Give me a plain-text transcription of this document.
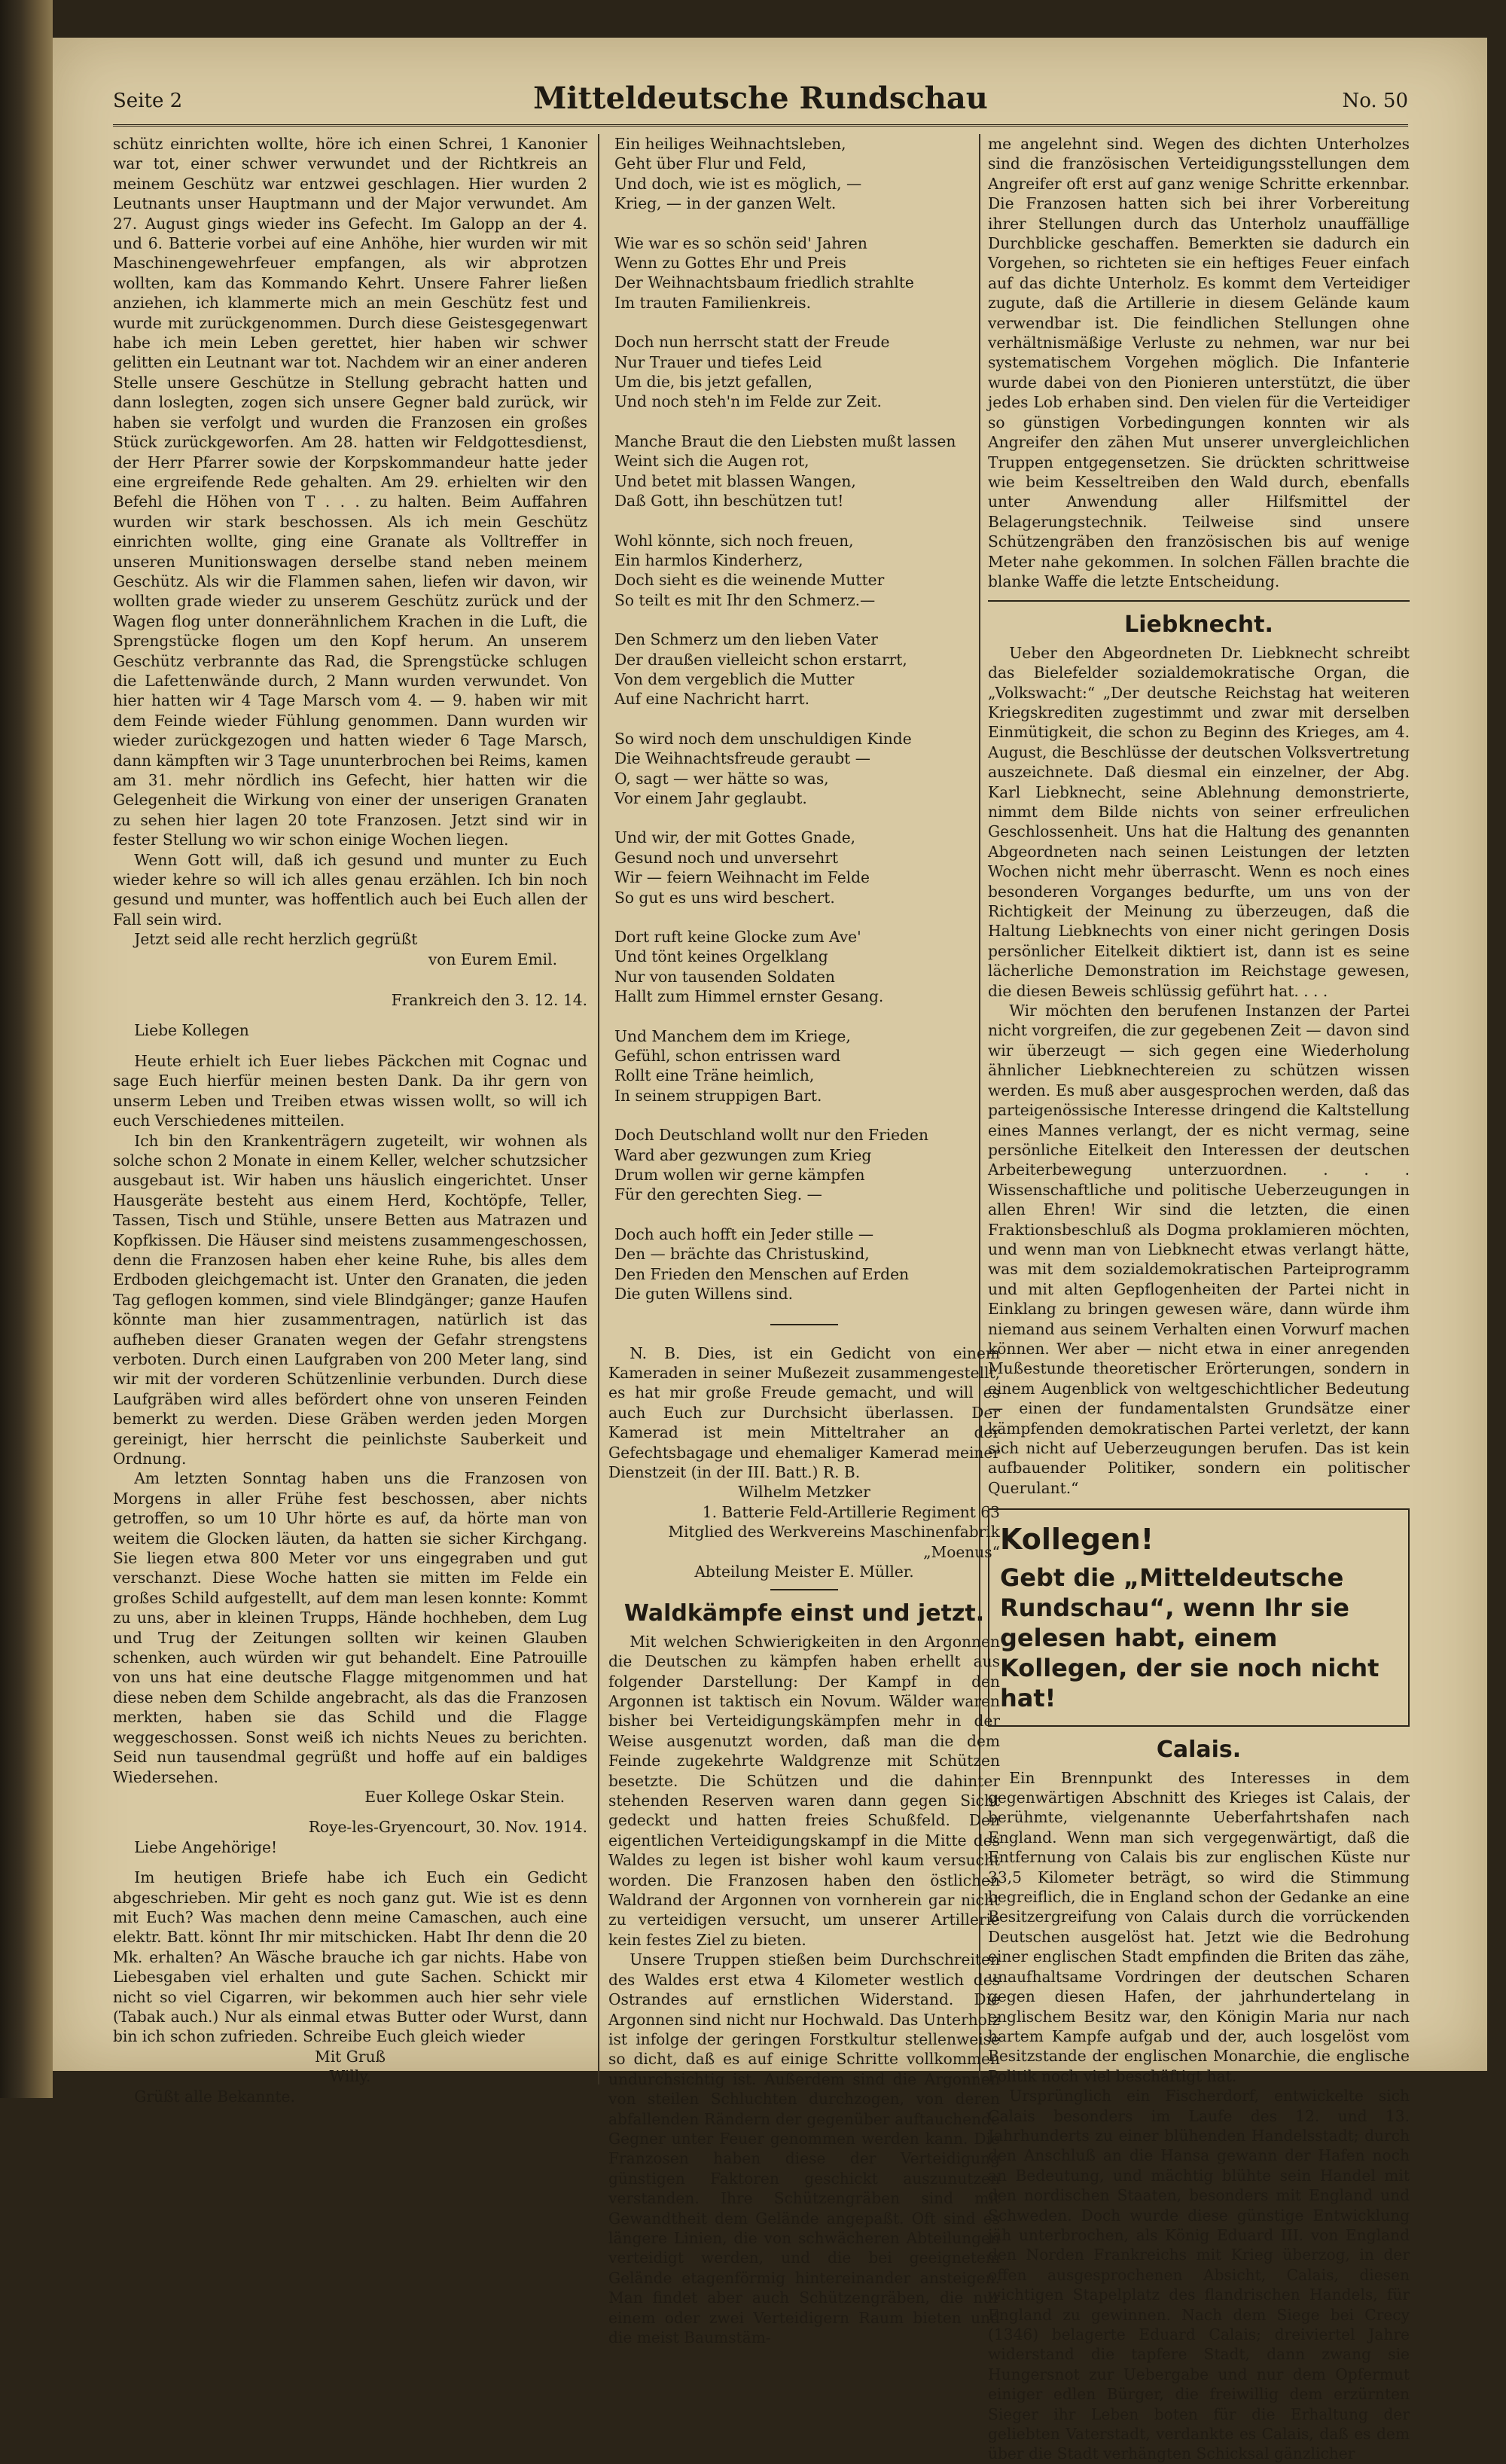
Seite 2	Mitteldeutsche Rundschau	No. 50

schütz einrichten wollte, höre ich einen Schrei, 1 Kanonier war tot, einer schwer verwundet und der Richtkreis an meinem Geschütz war entzwei geschlagen. Hier wurden 2 Leutnants unser Hauptmann und der Major verwundet. Am 27. August gings wieder ins Gefecht. Im Galopp an der 4. und 6. Batterie vorbei auf eine Anhöhe, hier wurden wir mit Maschinengewehrfeuer empfangen, als wir abprotzen wollten, kam das Kommando Kehrt. Unsere Fahrer ließen anziehen, ich klammerte mich an mein Geschütz fest und wurde mit zurückgenommen. Durch diese Geistesgegenwart habe ich mein Leben gerettet, hier haben wir schwer gelitten ein Leutnant war tot. Nachdem wir an einer anderen Stelle unsere Geschütze in Stellung gebracht hatten und dann loslegten, zogen sich unsere Gegner bald zurück, wir haben sie verfolgt und wurden die Franzosen ein großes Stück zurückgeworfen. Am 28. hatten wir Feldgottesdienst, der Herr Pfarrer sowie der Korpskommandeur hatte jeder eine ergreifende Rede gehalten. Am 29. erhielten wir den Befehl die Höhen von T . . . zu halten. Beim Auffahren wurden wir stark beschossen. Als ich mein Geschütz einrichten wollte, ging eine Granate als Volltreffer in unseren Munitionswagen derselbe stand neben meinem Geschütz. Als wir die Flammen sahen, liefen wir davon, wir wollten grade wieder zu unserem Geschütz zurück und der Wagen flog unter donnerähnlichem Krachen in die Luft, die Sprengstücke flogen um den Kopf herum. An unserem Geschütz verbrannte das Rad, die Sprengstücke schlugen die Lafettenwände durch, 2 Mann wurden verwundet. Von hier hatten wir 4 Tage Marsch vom 4. — 9. haben wir mit dem Feinde wieder Fühlung genommen. Dann wurden wir wieder zurückgezogen und hatten wieder 6 Tage Marsch, dann kämpften wir 3 Tage ununterbrochen bei Reims, kamen am 31. mehr nördlich ins Gefecht, hier hatten wir die Gelegenheit die Wirkung von einer der unserigen Granaten zu sehen hier lagen 20 tote Franzosen. Jetzt sind wir in fester Stellung wo wir schon einige Wochen liegen.

Wenn Gott will, daß ich gesund und munter zu Euch wieder kehre so will ich alles genau erzählen. Ich bin noch gesund und munter, was hoffentlich auch bei Euch allen der Fall sein wird.

Jetzt seid alle recht herzlich gegrüßt

von Eurem Emil.

Frankreich den 3. 12. 14.

Liebe Kollegen

Heute erhielt ich Euer liebes Päckchen mit Cognac und sage Euch hierfür meinen besten Dank. Da ihr gern von unserm Leben und Treiben etwas wissen wollt, so will ich euch Verschiedenes mitteilen.

Ich bin den Krankenträgern zugeteilt, wir wohnen als solche schon 2 Monate in einem Keller, welcher schutzsicher ausgebaut ist. Wir haben uns häuslich eingerichtet. Unser Hausgeräte besteht aus einem Herd, Kochtöpfe, Teller, Tassen, Tisch und Stühle, unsere Betten aus Matrazen und Kopfkissen. Die Häuser sind meistens zusammengeschossen, denn die Franzosen haben eher keine Ruhe, bis alles dem Erdboden gleichgemacht ist. Unter den Granaten, die jeden Tag geflogen kommen, sind viele Blindgänger; ganze Haufen könnte man hier zusammentragen, natürlich ist das aufheben dieser Granaten wegen der Gefahr strengstens verboten. Durch einen Laufgraben von 200 Meter lang, sind wir mit der vorderen Schützenlinie verbunden. Durch diese Laufgräben wird alles befördert ohne von unseren Feinden bemerkt zu werden. Diese Gräben werden jeden Morgen gereinigt, hier herrscht die peinlichste Sauberkeit und Ordnung.

Am letzten Sonntag haben uns die Franzosen von Morgens in aller Frühe fest beschossen, aber nichts getroffen, so um 10 Uhr hörte es auf, da hörte man von weitem die Glocken läuten, da hatten sie sicher Kirchgang. Sie liegen etwa 800 Meter vor uns eingegraben und gut verschanzt. Diese Woche hatten sie mitten im Felde ein großes Schild aufgestellt, auf dem man lesen konnte: Kommt zu uns, aber in kleinen Trupps, Hände hochheben, dem Lug und Trug der Zeitungen sollten wir keinen Glauben schenken, auch würden wir gut behandelt. Eine Patrouille von uns hat eine deutsche Flagge mitgenommen und hat diese neben dem Schilde angebracht, als das die Franzosen merkten, haben sie das Schild und die Flagge weggeschossen. Sonst weiß ich nichts Neues zu berichten. Seid nun tausendmal gegrüßt und hoffe auf ein baldiges Wiedersehen.

Euer Kollege Oskar Stein.

Roye-les-Gryencourt, 30. Nov. 1914.

Liebe Angehörige!

Im heutigen Briefe habe ich Euch ein Gedicht abgeschrieben. Mir geht es noch ganz gut. Wie ist es denn mit Euch? Was machen denn meine Camaschen, auch eine elektr. Batt. könnt Ihr mir mitschicken. Habt Ihr denn die 20 Mk. erhalten? An Wäsche brauche ich gar nichts. Habe von Liebesgaben viel erhalten und gute Sachen. Schickt mir nicht so viel Cigarren, wir bekommen auch hier sehr viele (Tabak auch.) Nur als einmal etwas Butter oder Wurst, dann bin ich schon zufrieden. Schreibe Euch gleich wieder

Mit Gruß

Willy.

Grüßt alle Bekannte.

Ein heiliges Weihnachtsleben,
Geht über Flur und Feld,
Und doch, wie ist es möglich, —
Krieg, — in der ganzen Welt.
Wie war es so schön seid' Jahren
Wenn zu Gottes Ehr und Preis
Der Weihnachtsbaum friedlich strahlte
Im trauten Familienkreis.
Doch nun herrscht statt der Freude
Nur Trauer und tiefes Leid
Um die, bis jetzt gefallen,
Und noch steh'n im Felde zur Zeit.
Manche Braut die den Liebsten mußt lassen
Weint sich die Augen rot,
Und betet mit blassen Wangen,
Daß Gott, ihn beschützen tut!
Wohl könnte, sich noch freuen,
Ein harmlos Kinderherz,
Doch sieht es die weinende Mutter
So teilt es mit Ihr den Schmerz.—
Den Schmerz um den lieben Vater
Der draußen vielleicht schon erstarrt,
Von dem vergeblich die Mutter
Auf eine Nachricht harrt.
So wird noch dem unschuldigen Kinde
Die Weihnachtsfreude geraubt —
O, sagt — wer hätte so was,
Vor einem Jahr geglaubt.
Und wir, der mit Gottes Gnade,
Gesund noch und unversehrt
Wir — feiern Weihnacht im Felde
So gut es uns wird beschert.
Dort ruft keine Glocke zum Ave'
Und tönt keines Orgelklang
Nur von tausenden Soldaten
Hallt zum Himmel ernster Gesang.
Und Manchem dem im Kriege,
Gefühl, schon entrissen ward
Rollt eine Träne heimlich,
In seinem struppigen Bart.
Doch Deutschland wollt nur den Frieden
Ward aber gezwungen zum Krieg
Drum wollen wir gerne kämpfen
Für den gerechten Sieg. —
Doch auch hofft ein Jeder stille —
Den — brächte das Christuskind,
Den Frieden den Menschen auf Erden
Die guten Willens sind.

N. B. Dies, ist ein Gedicht von einem Kameraden in seiner Mußezeit zusammengestellt, es hat mir große Freude gemacht, und will es auch Euch zur Durchsicht überlassen. Der Kamerad ist mein Mitteltraher an der Gefechtsbagage und ehemaliger Kamerad meiner Dienstzeit (in der III. Batt.) R. B.

Wilhelm Metzker

1. Batterie Feld-Artillerie Regiment 63

Mitglied des Werkvereins Maschinenfabrik „Moenus“

Abteilung Meister E. Müller.

Waldkämpfe einst und jetzt.

Mit welchen Schwierigkeiten in den Argonnen die Deutschen zu kämpfen haben erhellt aus folgender Darstellung: Der Kampf in den Argonnen ist taktisch ein Novum. Wälder waren bisher bei Verteidigungskämpfen mehr in der Weise ausgenutzt worden, daß man die dem Feinde zugekehrte Waldgrenze mit Schützen besetzte. Die Schützen und die dahinter stehenden Reserven waren dann gegen Sicht gedeckt und hatten freies Schußfeld. Den eigentlichen Verteidigungskampf in die Mitte des Waldes zu legen ist bisher wohl kaum versucht worden. Die Franzosen haben den östlichen Waldrand der Argonnen von vornherein gar nicht zu verteidigen versucht, um unserer Artillerie kein festes Ziel zu bieten.

Unsere Truppen stießen beim Durchschreiten des Waldes erst etwa 4 Kilometer westlich des Ostrandes auf ernstlichen Widerstand. Die Argonnen sind nicht nur Hochwald. Das Unterholz ist infolge der geringen Forstkultur stellenweise so dicht, daß es auf einige Schritte vollkommen undurchsichtig ist. Außerdem sind die Argonnen von steilen Schluchten durchzogen, von deren abfallenden Rändern der gegenüber auftauchende Gegner unter Feuer genommen werden kann. Die Franzosen haben diese der Verteidigung günstigen Faktoren geschickt auszunutzen verstanden. Ihre Schützengräben sind mit Gewandtheit dem Gelände angepaßt. Oft sind es längere Linien, die von schwächeren Abteilungen verteidigt werden, und die bei geeignetem Gelände etagenförmig hintereinander ansteigen. Man findet aber auch Schützengräben, die nur einem oder zwei Verteidigern Raum bieten und die meist Baumstäm-

me angelehnt sind. Wegen des dichten Unterholzes sind die französischen Verteidigungsstellungen dem Angreifer oft erst auf ganz wenige Schritte erkennbar. Die Franzosen hatten sich bei ihrer Vorbereitung ihrer Stellungen durch das Unterholz unauffällige Durchblicke geschaffen. Bemerkten sie dadurch ein Vorgehen, so richteten sie ein heftiges Feuer einfach auf das dichte Unterholz. Es kommt dem Verteidiger zugute, daß die Artillerie in diesem Gelände kaum verwendbar ist. Die feindlichen Stellungen ohne verhältnismäßige Verluste zu nehmen, war nur bei systematischem Vorgehen möglich. Die Infanterie wurde dabei von den Pionieren unterstützt, die über jedes Lob erhaben sind. Den vielen für die Verteidiger so günstigen Vorbedingungen konnten wir als Angreifer den zähen Mut unserer unvergleichlichen Truppen entgegensetzen. Sie drückten schrittweise wie beim Kesseltreiben den Wald durch, ebenfalls unter Anwendung aller Hilfsmittel der Belagerungstechnik. Teilweise sind unsere Schützengräben den französischen bis auf wenige Meter nahe gekommen. In solchen Fällen brachte die blanke Waffe die letzte Entscheidung.

Liebknecht.

Ueber den Abgeordneten Dr. Liebknecht schreibt das Bielefelder sozialdemokratische Organ, die „Volkswacht:“ „Der deutsche Reichstag hat weiteren Kriegskrediten zugestimmt und zwar mit derselben Einmütigkeit, die schon zu Beginn des Krieges, am 4. August, die Beschlüsse der deutschen Volksvertretung auszeichnete. Daß diesmal ein einzelner, der Abg. Karl Liebknecht, seine Ablehnung demonstrierte, nimmt dem Bilde nichts von seiner erfreulichen Geschlossenheit. Uns hat die Haltung des genannten Abgeordneten nach seinen Leistungen der letzten Wochen nicht mehr überrascht. Wenn es noch eines besonderen Vorganges bedurfte, um uns von der Richtigkeit der Meinung zu überzeugen, daß die Haltung Liebknechts von einer nicht geringen Dosis persönlicher Eitelkeit diktiert ist, dann ist es seine lächerliche Demonstration im Reichstage gewesen, die diesen Beweis schlüssig geführt hat. . . .

Wir möchten den berufenen Instanzen der Partei nicht vorgreifen, die zur gegebenen Zeit — davon sind wir überzeugt — sich gegen eine Wiederholung ähnlicher Liebknechtereien zu schützen wissen werden. Es muß aber ausgesprochen werden, daß das parteigenössische Interesse dringend die Kaltstellung eines Mannes verlangt, der es nicht vermag, seine persönliche Eitelkeit den Interessen der deutschen Arbeiterbewegung unterzuordnen. . . . Wissenschaftliche und politische Ueberzeugungen in allen Ehren! Wir sind die letzten, die einen Fraktionsbeschluß als Dogma proklamieren möchten, und wenn man von Liebknecht etwas verlangt hätte, was mit dem sozialdemokratischen Parteiprogramm und mit alten Gepflogenheiten der Partei nicht in Einklang zu bringen gewesen wäre, dann würde ihm niemand aus seinem Verhalten einen Vorwurf machen können. Wer aber — nicht etwa in einer anregenden Mußestunde theoretischer Erörterungen, sondern in einem Augenblick von weltgeschichtlicher Bedeutung — einen der fundamentalsten Grundsätze einer kämpfenden demokratischen Partei verletzt, der kann sich nicht auf Ueberzeugungen berufen. Das ist kein aufbauender Politiker, sondern ein politischer Querulant.“

Kollegen!
Gebt die „Mitteldeutsche Rundschau“, wenn Ihr sie gelesen habt, einem Kollegen, der sie noch nicht hat!
Calais.

Ein Brennpunkt des Interesses in dem gegenwärtigen Abschnitt des Krieges ist Calais, der berühmte, vielgenannte Ueberfahrtshafen nach England. Wenn man sich vergegenwärtigt, daß die Entfernung von Calais bis zur englischen Küste nur 33,5 Kilometer beträgt, so wird die Stimmung begreiflich, die in England schon der Gedanke an eine Besitzergreifung von Calais durch die vorrückenden Deutschen ausgelöst hat. Jetzt wie die Bedrohung einer englischen Stadt empfinden die Briten das zähe, unaufhaltsame Vordringen der deutschen Scharen gegen diesen Hafen, der jahrhundertelang in englischem Besitz war, den Königin Maria nur nach hartem Kampfe aufgab und der, auch losgelöst vom Besitzstande der englischen Monarchie, die englische Politik noch viel beschäftigt hat.

Ursprünglich ein Fischerdorf, entwickelte sich Calais besonders im Laufe des 12. und 13. Jahrhunderts zu einer blühenden Handelsstadt; durch den Anschluß an die Hansa gewann der Hafen noch an Bedeutung, und mächtig blühte sein Handel mit den nordischen Staaten, besonders mit England und Schweden. Doch wurde diese günstige Entwicklung jäh unterbrochen, als König Eduard III. von England den Norden Frankreichs mit Krieg überzog, in der offen ausgesprochenen Absicht, Calais, diesen wichtigen Stapelplatz des flandrischen Handels, für England zu gewinnen. Nach dem Siege bei Crecy (1346) belagerte Eduard Calais; dreiviertel Jahre widerstand die tapfere Stadt, dann zwang sie Hungersnot zur Uebergabe und nur dem Opfermut einiger edlen Bürger, die freiwillig dem erzürnten Sieger ihr Leben boten für die Erhaltung der geliebten Vaterstadt, verdankte es Calais, daß es dem über die Stadt verhängten Schicksal gänzlicher
